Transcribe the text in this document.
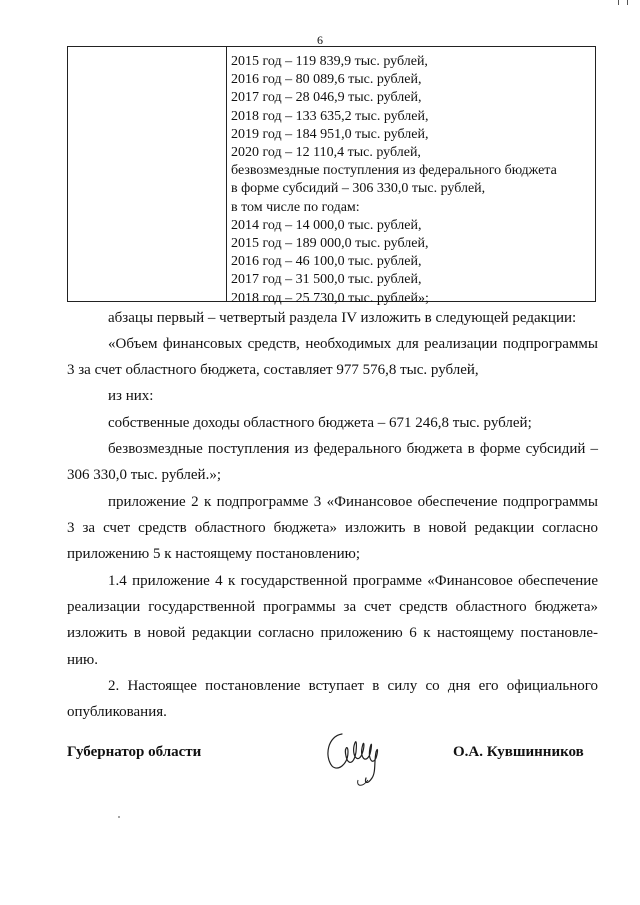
6
2015 год – 119 839,9 тыс. рублей,
2016 год – 80 089,6 тыс. рублей,
2017 год – 28 046,9 тыс. рублей,
2018 год – 133 635,2 тыс. рублей,
2019 год – 184 951,0 тыс. рублей,
2020 год – 12 110,4 тыс. рублей,
безвозмездные поступления из федерального бюджета
в форме субсидий – 306 330,0 тыс. рублей,
в том числе по годам:
2014 год – 14 000,0 тыс. рублей,
2015 год – 189 000,0 тыс. рублей,
2016 год – 46 100,0 тыс. рублей,
2017 год – 31 500,0 тыс. рублей,
2018 год – 25 730,0 тыс. рублей»;
абзацы первый – четвертый раздела IV изложить в следующей редакции:
«Объем финансовых средств, необходимых для реализации подпрограммы
3 за счет областного бюджета, составляет 977 576,8 тыс. рублей,
из них:
собственные доходы областного бюджета – 671 246,8 тыс. рублей;
безвозмездные поступления из федерального бюджета в форме субсидий –
306 330,0 тыс. рублей.»;
приложение 2 к подпрограмме 3 «Финансовое обеспечение подпрограммы
3 за счет средств областного бюджета» изложить в новой редакции согласно
приложению 5 к настоящему постановлению;
1.4 приложение 4 к государственной программе «Финансовое обеспечение
реализации государственной программы за счет средств областного бюджета»
изложить в новой редакции согласно приложению 6 к настоящему постановле-
нию.
2. Настоящее постановление вступает в силу со дня его официального
опубликования.
Губернатор области	О.А. Кувшинников
